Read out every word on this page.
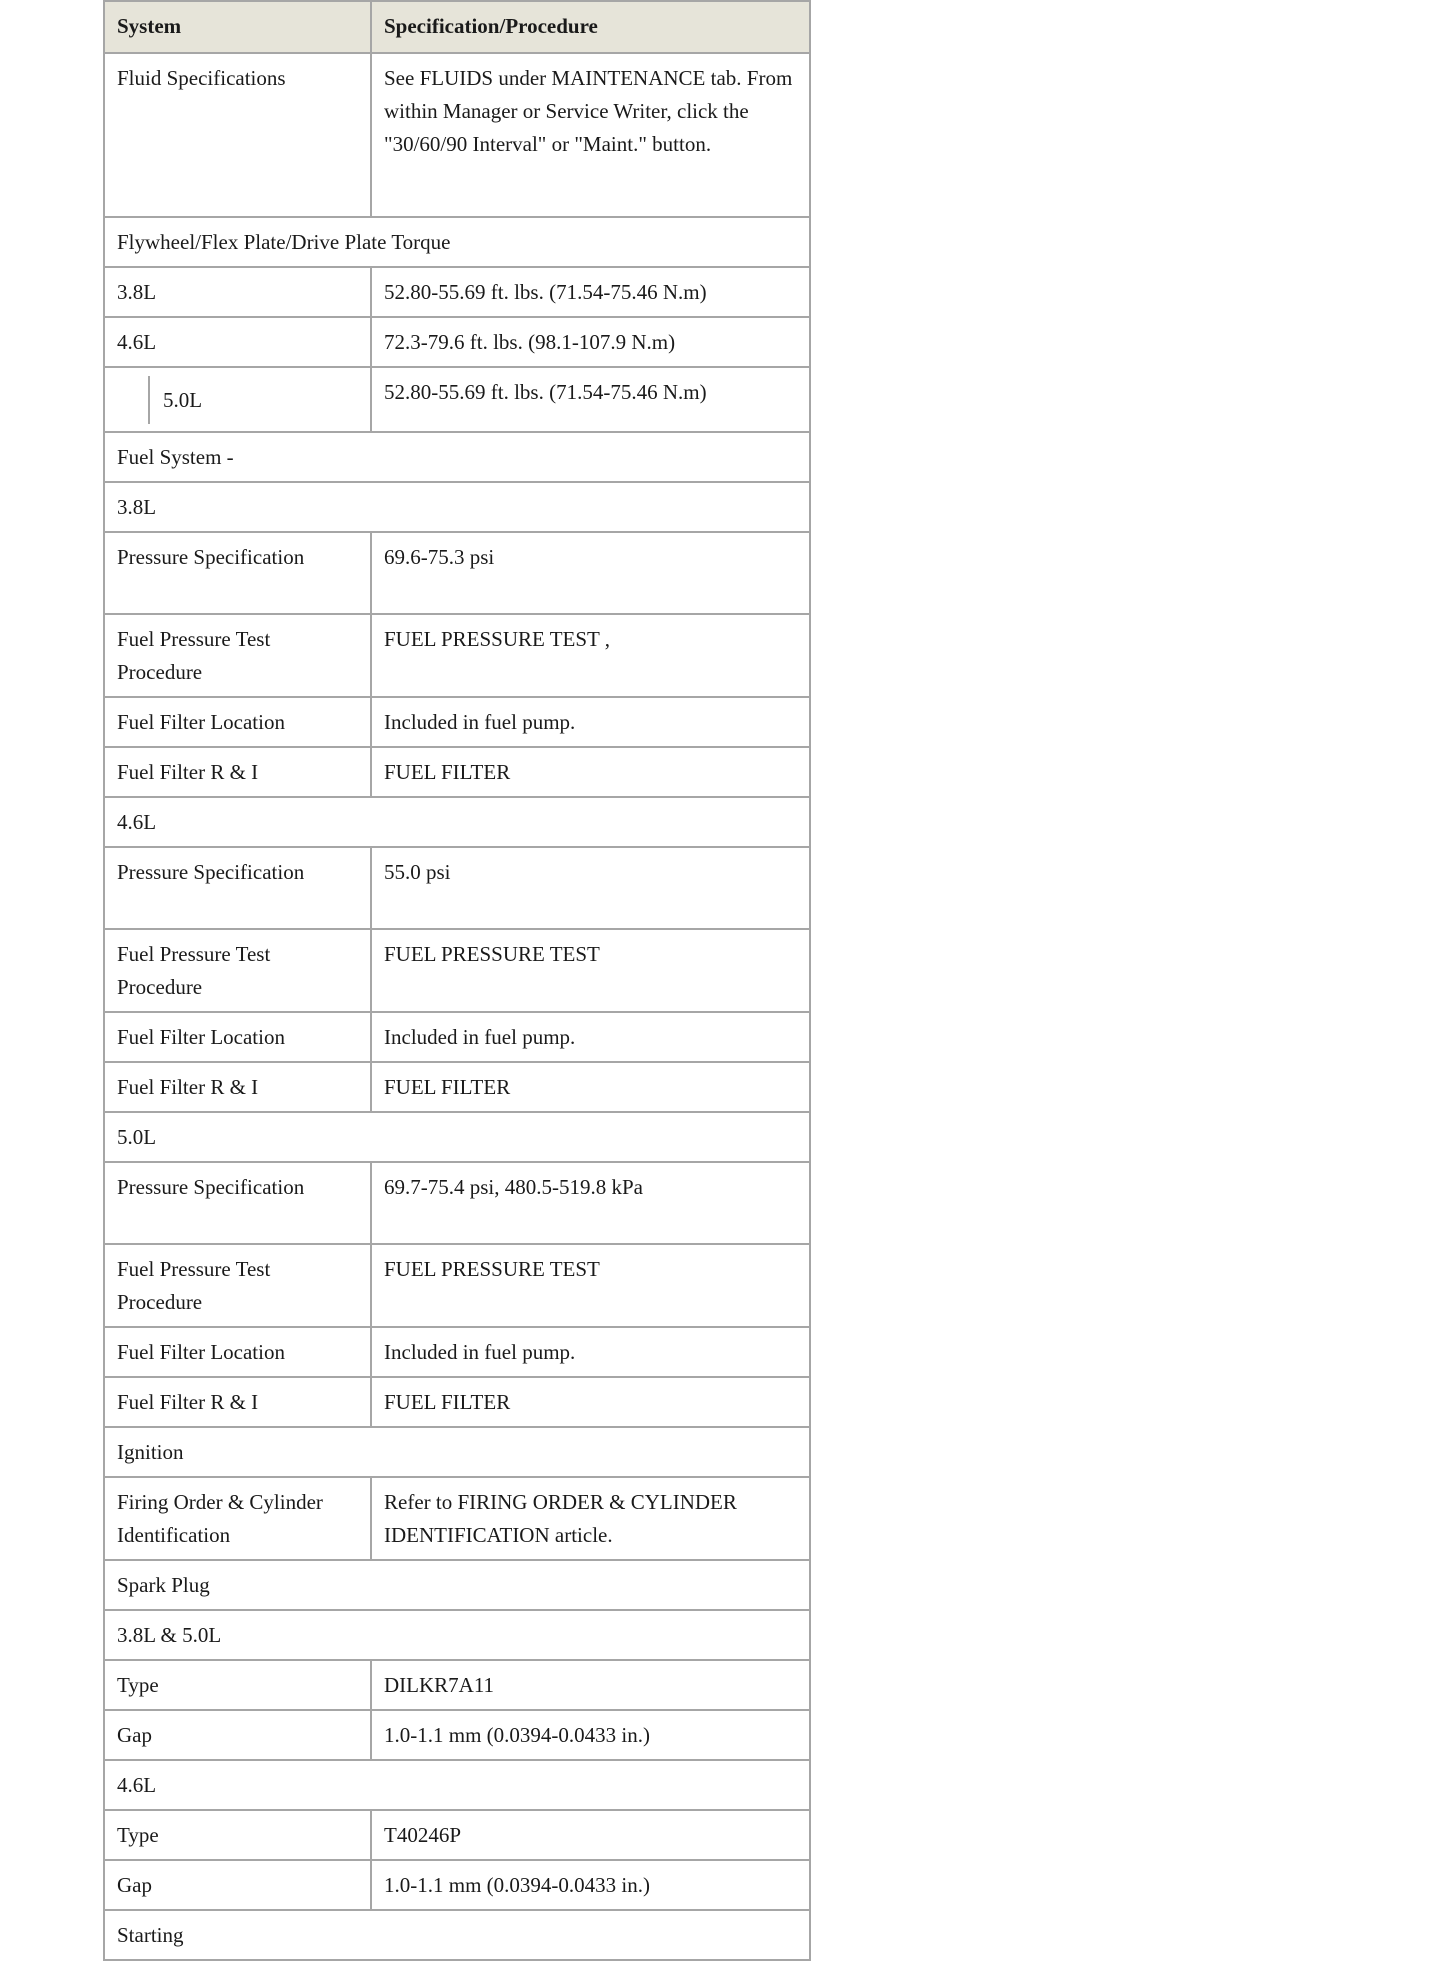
System	Specification/Procedure
Fluid Specifications	See FLUIDS under MAINTENANCE tab. From within Manager or Service Writer, click the "30/60/90 Interval" or "Maint." button.
Flywheel/Flex Plate/Drive Plate Torque	
3.8L	52.80-55.69 ft. lbs. (71.54-75.46 N.m)
4.6L	72.3-79.6 ft. lbs. (98.1-107.9 N.m)

5.0L	52.80-55.69 ft. lbs. (71.54-75.46 N.m)
Fuel System -	
3.8L	
Pressure Specification	69.6-75.3 psi
Fuel Pressure Test Procedure	FUEL PRESSURE TEST ,
Fuel Filter Location	Included in fuel pump.
Fuel Filter R & I	FUEL FILTER
4.6L	
Pressure Specification	55.0 psi
Fuel Pressure Test Procedure	FUEL PRESSURE TEST
Fuel Filter Location	Included in fuel pump.
Fuel Filter R & I	FUEL FILTER
5.0L	
Pressure Specification	69.7-75.4 psi, 480.5-519.8 kPa
Fuel Pressure Test Procedure	FUEL PRESSURE TEST
Fuel Filter Location	Included in fuel pump.
Fuel Filter R & I	FUEL FILTER
Ignition	
Firing Order & Cylinder Identification	Refer to FIRING ORDER & CYLINDER IDENTIFICATION article.
Spark Plug	
3.8L & 5.0L	
Type	DILKR7A11
Gap	1.0-1.1 mm (0.0394-0.0433 in.)
4.6L	
Type	T40246P
Gap	1.0-1.1 mm (0.0394-0.0433 in.)
Starting	
